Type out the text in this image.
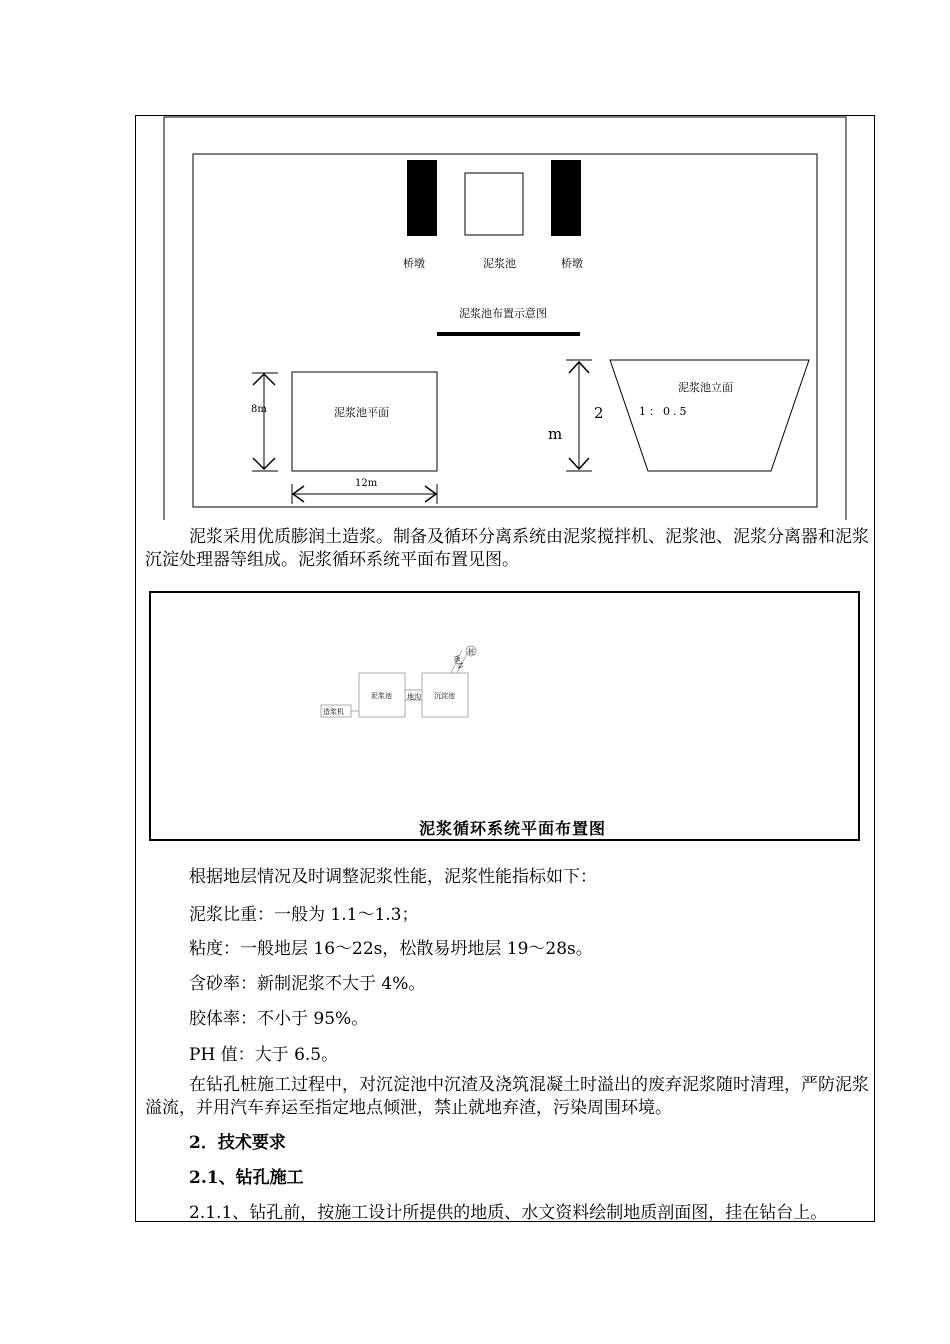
桥墩	泥浆池	桥墩
泥浆池布置示意图
泥浆池平面
8m
12m
2
m
泥浆池立面
1：0.5
泥浆采用优质膨润土造浆。制备及循环分离系统由泥浆搅拌机、泥浆池、泥浆分离器和泥浆沉淀处理器等组成。泥浆循环系统平面布置见图。
造浆机
泥浆池 地沟 沉淀池
地沟
桩
泥浆循环系统平面布置图
根据地层情况及时调整泥浆性能，泥浆性能指标如下：
泥浆比重：一般为 1.1～1.3；
粘度：一般地层 16～22s，松散易坍地层 19～28s。
含砂率：新制泥浆不大于 4%。
胶体率：不小于 95%。
PH 值：大于 6.5。
在钻孔桩施工过程中，对沉淀池中沉渣及浇筑混凝土时溢出的废弃泥浆随时清理，严防泥浆溢流，并用汽车弃运至指定地点倾泄，禁止就地弃渣，污染周围环境。
2．技术要求
2.1、钻孔施工
2.1.1、钻孔前，按施工设计所提供的地质、水文资料绘制地质剖面图，挂在钻台上。
